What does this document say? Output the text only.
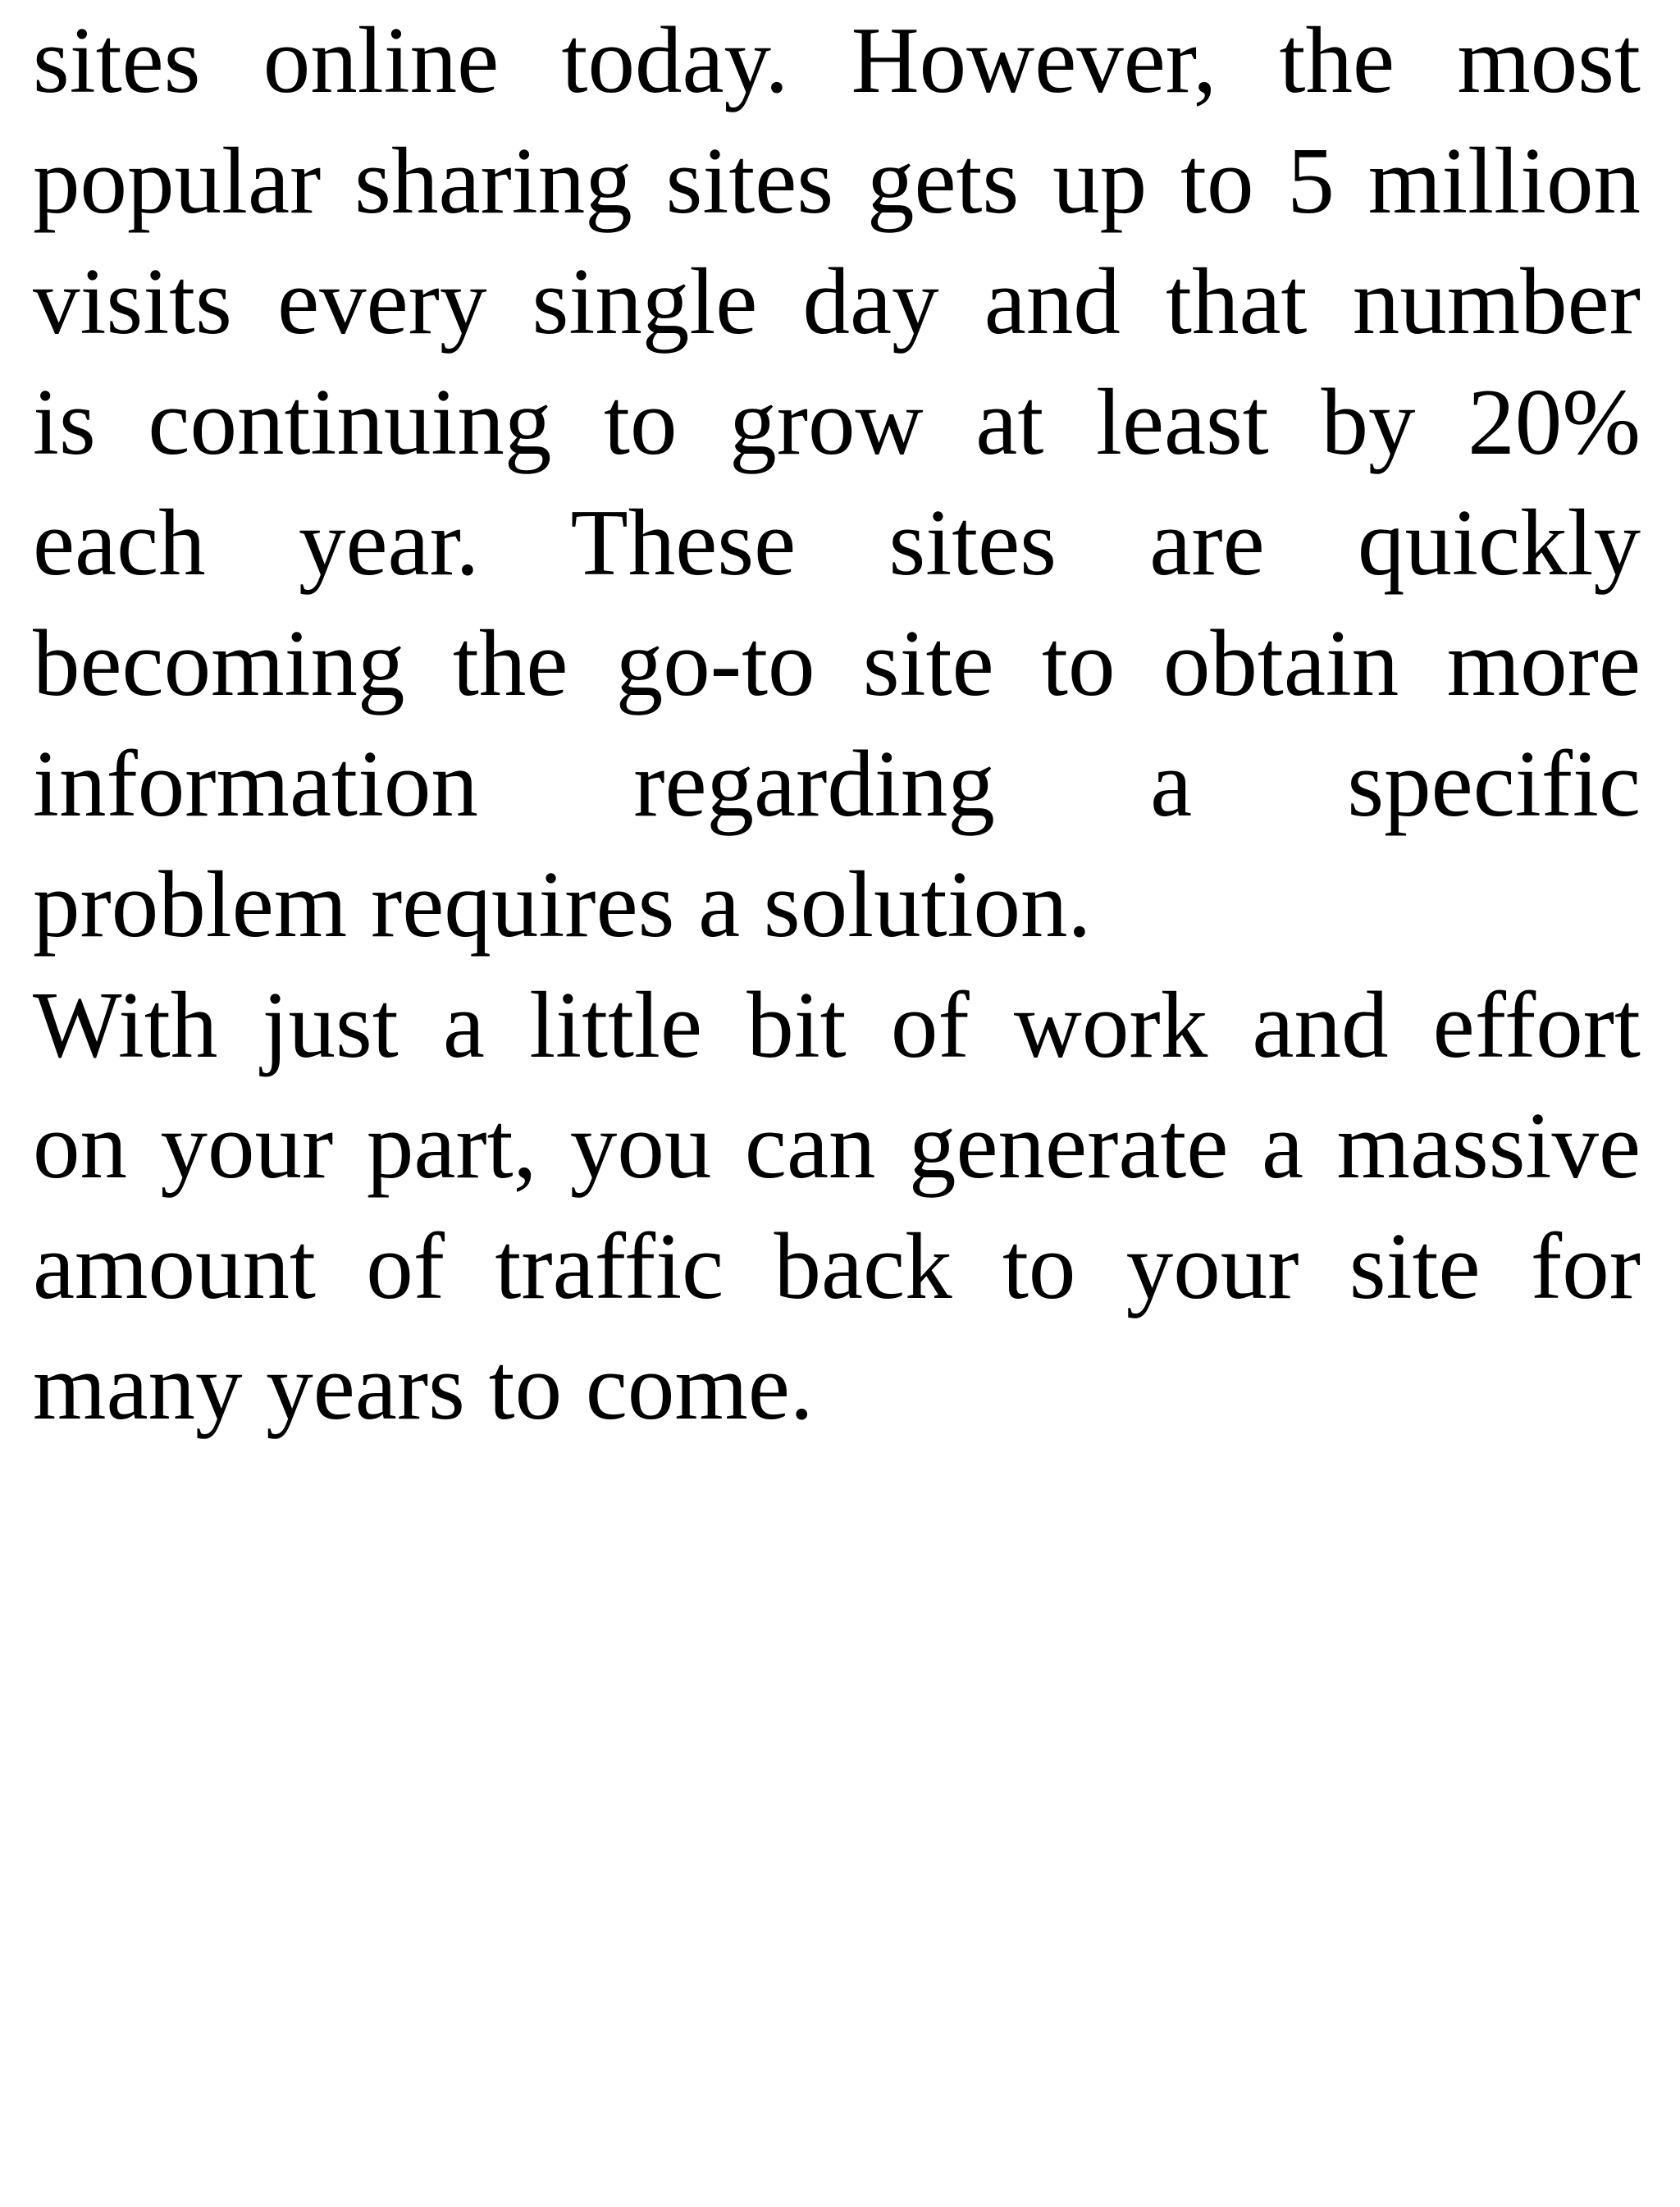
sites online today. However, the most
popular sharing sites gets up to 5 million
visits every single day and that number
is continuing to grow at least by 20%
each year. These sites are quickly
becoming the go-to site to obtain more
information regarding a specific
problem requires a solution.
With just a little bit of work and effort
on your part, you can generate a massive
amount of traffic back to your site for
many years to come.
